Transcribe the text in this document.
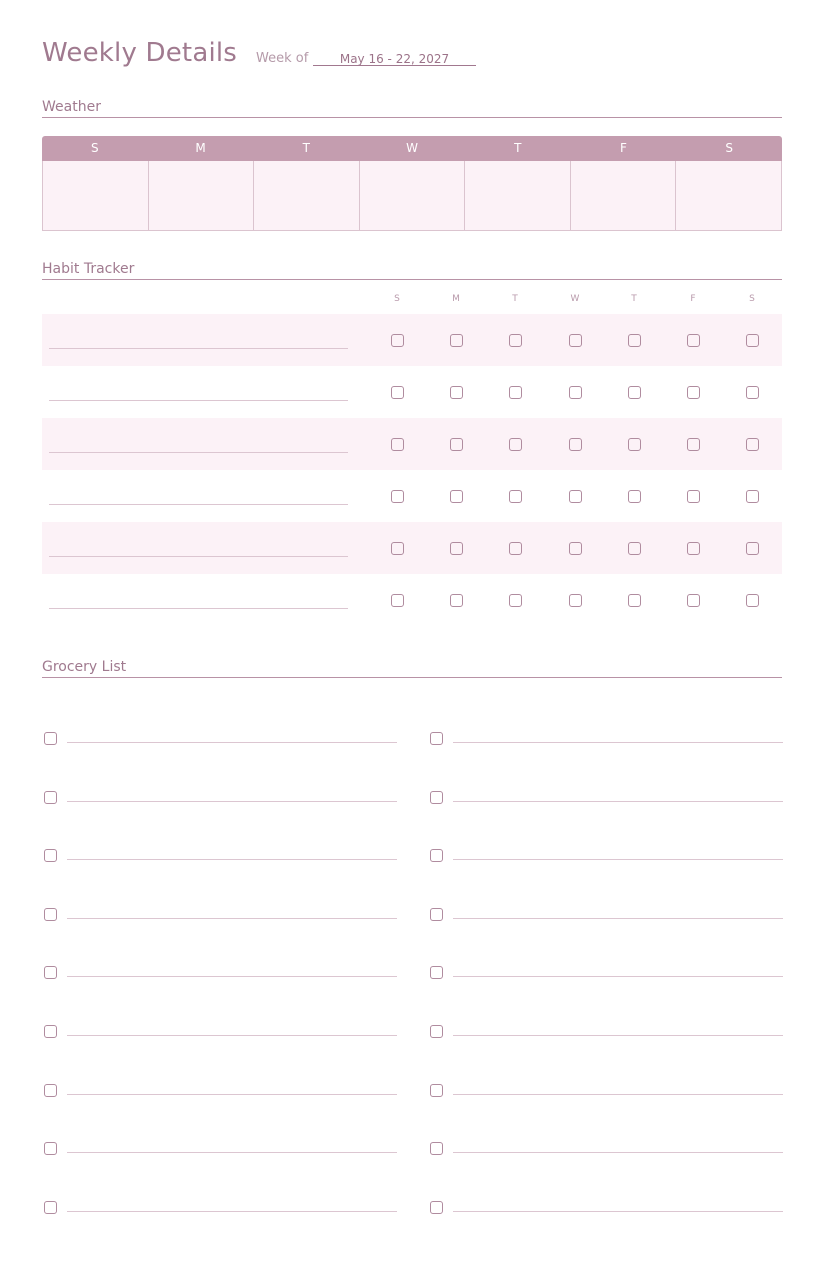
Weekly Details Week of	May 16 - 22, 2027
Weather
S	M	T	W	T	F	S
Habit Tracker
S	M	T	W	T	F	S
Grocery List
